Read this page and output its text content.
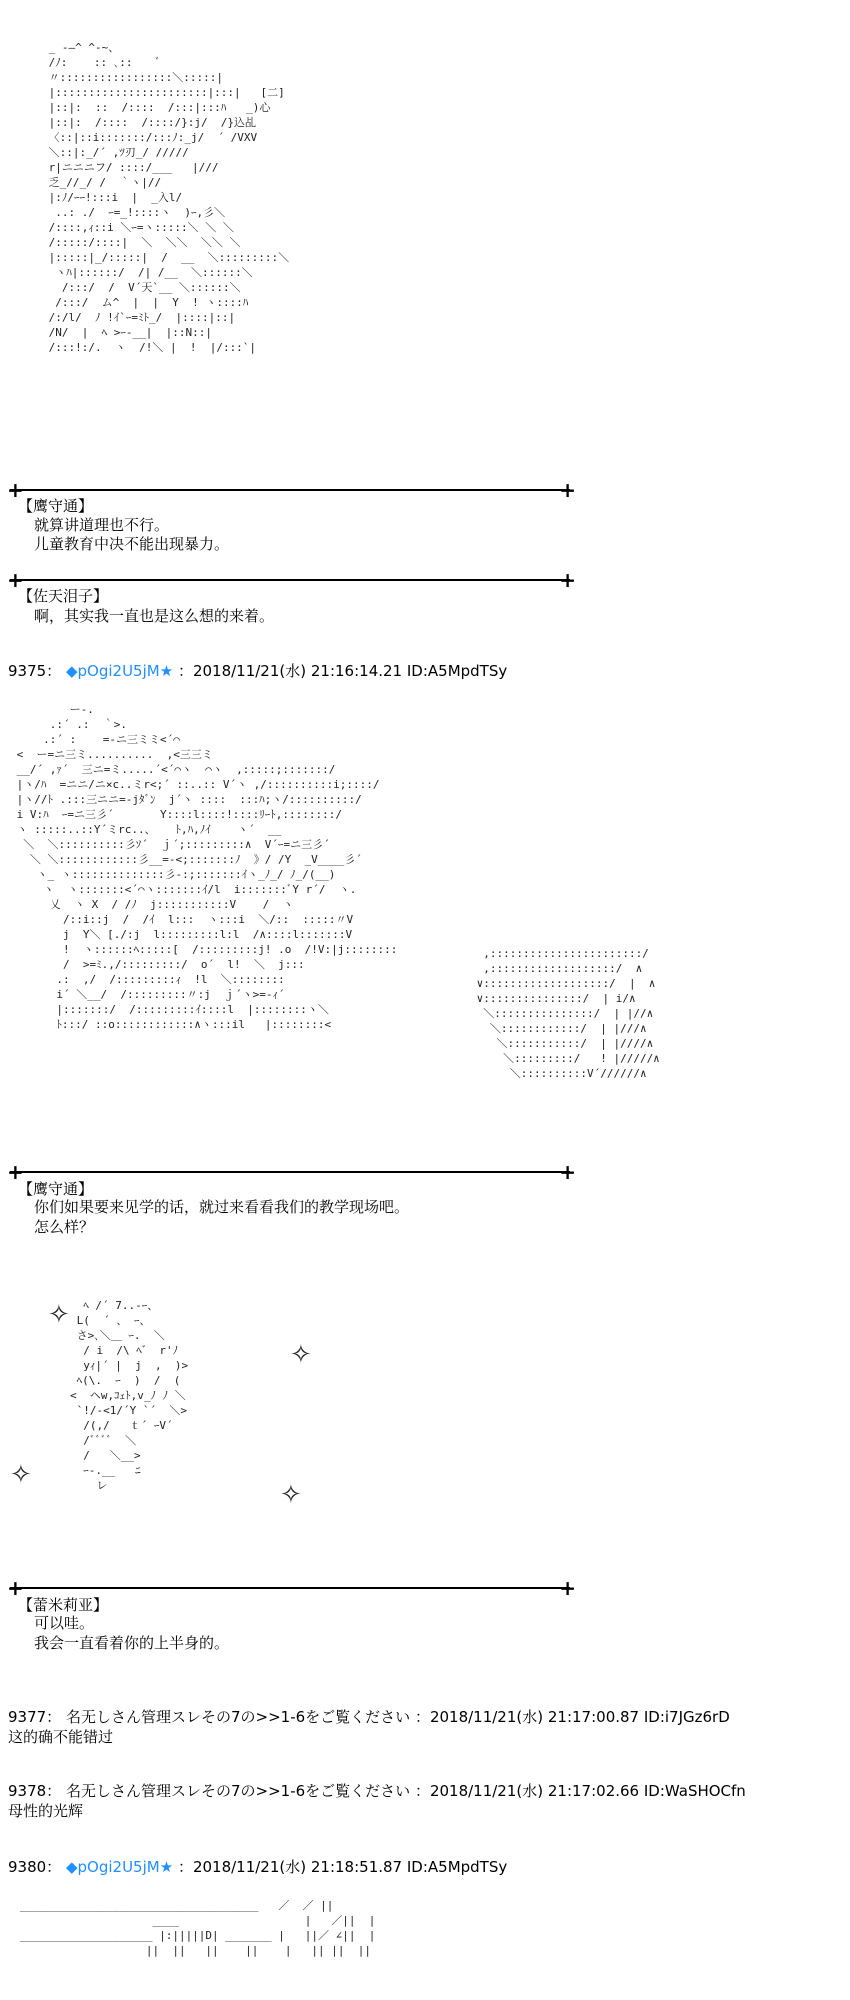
_ -―^ ^-~、
/ﾉ:    :: ､::    ﾞ
〃:::::::::::::::::＼:::::|
|:::::::::::::::::::::::|:::|   [二]
|::|:  ::  /::::  /:::|:::ﾊ   _)心
|::|:  /::::  /::::/}:j/  /}込乩
〈::|::i:::::::/:::ﾉ:_j/  ´ /VXV
＼::|:_/´ ,ﾂ刃_/ /////
r|ニニニフ/ ::::/___   |///
乏_//_/ /  ｀ヽ|//
|:ﾉ/ｰｰ!:::i  |  _入l/
..: ./  ｰ=_!::::ヽ  )ｰ,彡＼
/::::,ｨ::i ＼ｰ=ヽ:::::＼ ＼ ＼
/:::::/::::|  ＼  ＼＼  ＼＼ ＼
|:::::|_/:::::|  /  __  ＼:::::::::＼
ヽﾊ|::::::/  /| /__  ＼::::::＼
/:::/  /  V´天`__ ＼::::::＼
/:::/  ム^  |  |  Y  ! ヽ::::ﾊ
/:/l/  ﾉ !ｲ`ｰ=ﾐﾄ_/  |::::|::|
/N/  |  ﾍ >ｰ-__|  |::N::|
/:::!:/.  ヽ  /!＼ |  !  |/:::`|
+	+
【鹰守通】
就算讲道理也不行。
儿童教育中决不能出现暴力。
+	+
【佐天泪子】
啊，其实我一直也是这么想的来着。
9375： ◆pOgi2U5jM★ ：2018/11/21(水) 21:16:14.21 ID:A5MpdTSy
ー-.
.:´ .:  ｀>.
.:´ :    =-ニ三ミミ<´⌒
<  ー=ニ三ミ..........  ,<三三ミ
__/´ ,ｧ´  三ニ=ミ.....´<´⌒ヽ  ⌒ヽ  ,:::::;:::::::/
|ヽ/ﾊ  =ニニ/ニ×c..ミr<;´ ::..:: V´ヽ ,/::::::::::i;::::/
|ヽ//ﾄ .:::三ニニ=-jﾀﾞﾝ  j´ヽ ::::  :::ﾊ;ヽ/::::::::::/
i V:ﾊ  ｰ=ニ三彡´       Y::::l::::!::::ﾘｰﾄ,::::::::/
ヽ :::::..::Y´ミrc..、   ﾄ,ﾊ,ﾉｲ    ヽ´  __
＼  ＼::::::::::彡ｿ´  ｊ´;:::::::::∧  V´ｰ=ニ三彡´
＼ ＼::::::::::::彡__=-<;:::::::ﾉ  》/ /Y  _V____彡´
ヽ_ ヽ::::::::::::::彡-:;:::::::ｲヽ_ﾉ_/ ﾉ_/(__)
ヽ  ヽ:::::::<´⌒ヽ:::::::ｲ/l  i:::::::ﾞY r´/  ヽ.
乂  ヽ X  / /ﾉ  j:::::::::::V    /  ヽ
/::i::j  /  /ｲ  l:::  ヽ:::i  ＼/::  :::::〃V
j  Y＼ [./:j  l:::::::::l:l  /∧::::l:::::::V
!  ヽ::::::ﾍ:::::[  /:::::::::j! .o  /!V:|j::::::::
/  >=ﾐ.,/:::::::::/  o´  l!  ＼  j:::
.:  ,/  /:::::::::ｨ  !l  ＼::::::::
i´ ＼__/  /:::::::::〃:j  ｊ´ヽ>=-ｨ´
|:::::::/  /:::::::::ｲ::::l  |::::::::ヽ＼
ﾄ:::/ ::o::::::::::::∧ヽ:::il   |::::::::<
,:::::::::::::::::::::::/
,:::::::::::::::::::/  ∧
∨:::::::::::::::::::/  |  ∧
∨:::::::::::::::/  | i/∧
＼:::::::::::::::/  | |//∧
＼::::::::::::/  | |///∧
＼:::::::::::/  | |////∧
＼:::::::::/   ! |/////∧
＼::::::::::V´//////∧
+	+
【鹰守通】
你们如果要来见学的话，就过来看看我们的教学现场吧。
怎么样？
✧
✧
✧
✧
ﾍ /´ 7..-ｰ、
L(  ´ 、 ｰ、
さ>､＼＿ ｰ.  ＼
/ i  /\ ﾍ゛ r'ﾉ
yｨ|´ |  j  ,  )>
ﾍ(\.  ｰ  )  /  (
<  ヘw,ｺｪﾄ,v_ﾉ ﾉ ＼
`!/-<1/´Y `´  ＼>
/(,/   ｔ´ ｰV´
/ﾞﾞﾞﾞ  ＼
/   ＼__>
ｰ-.__   ﾆ
レ
+	+
【蕾米莉亚】
可以哇。
我会一直看着你的上半身的。
9377： 名无しさん管理スレその7の>>1-6をご覧ください ：2018/11/21(水) 21:17:00.87 ID:i7JGz6rD
这的确不能错过
9378： 名无しさん管理スレその7の>>1-6をご覧ください ：2018/11/21(水) 21:17:02.66 ID:WaSHOCfn
母性的光辉
9380： ◆pOgi2U5jM★ ：2018/11/21(水) 21:18:51.87 ID:A5MpdTSy
____________________________________   ／  ／ ||
____                   |   ／||  |
____________________ |:|||||D| _______ |   ||／ ∠||  |
||  ||   ||    ||    |   || ||  ||
